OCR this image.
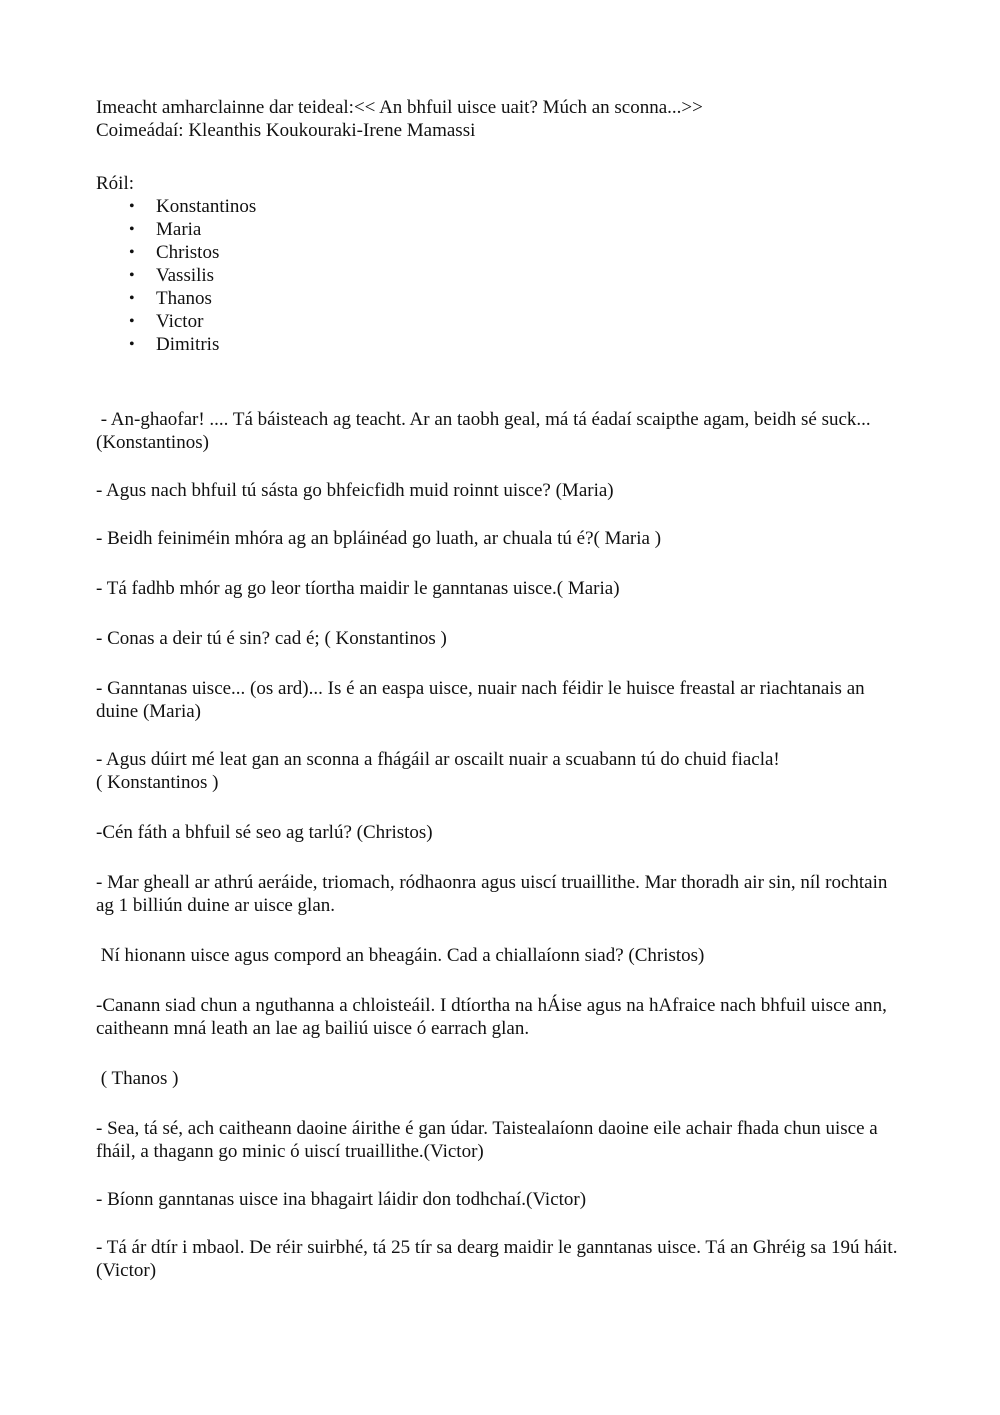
Imeacht amharclainne dar teideal:<< An bhfuil uisce uait? Múch an sconna...>>

Coimeádaí: Kleanthis Koukouraki-Irene Mamassi

Róil:

• Konstantinos
• Maria
• Christos
• Vassilis
• Thanos
• Victor
• Dimitris

- An-ghaofar! .... Tá báisteach ag teacht. Ar an taobh geal, má tá éadaí scaipthe agam, beidh sé suck... (Konstantinos)

- Agus nach bhfuil tú sásta go bhfeicfidh muid roinnt uisce? (Maria)

- Beidh feiniméin mhóra ag an bpláinéad go luath, ar chuala tú é?( Maria )

- Tá fadhb mhór ag go leor tíortha maidir le ganntanas uisce.( Maria)

- Conas a deir tú é sin? cad é; ( Konstantinos )

- Ganntanas uisce... (os ard)... Is é an easpa uisce, nuair nach féidir le huisce freastal ar riachtanais an duine (Maria)

- Agus dúirt mé leat gan an sconna a fhágáil ar oscailt nuair a scuabann tú do chuid fiacla!
( Konstantinos )

-Cén fáth a bhfuil sé seo ag tarlú? (Christos)

- Mar gheall ar athrú aeráide, triomach, ródhaonra agus uiscí truaillithe. Mar thoradh air sin, níl rochtain ag 1 billiún duine ar uisce glan.

Ní hionann uisce agus compord an bheagáin. Cad a chiallaíonn siad? (Christos)

-Canann siad chun a nguthanna a chloisteáil. I dtíortha na hÁise agus na hAfraice nach bhfuil uisce ann, caitheann mná leath an lae ag bailiú uisce ó earrach glan.

( Thanos )

- Sea, tá sé, ach caitheann daoine áirithe é gan údar. Taistealaíonn daoine eile achair fhada chun uisce a fháil, a thagann go minic ó uiscí truaillithe.(Victor)

- Bíonn ganntanas uisce ina bhagairt láidir don todhchaí.(Victor)

- Tá ár dtír i mbaol. De réir suirbhé, tá 25 tír sa dearg maidir le ganntanas uisce. Tá an Ghréig sa 19ú háit.(Victor)
